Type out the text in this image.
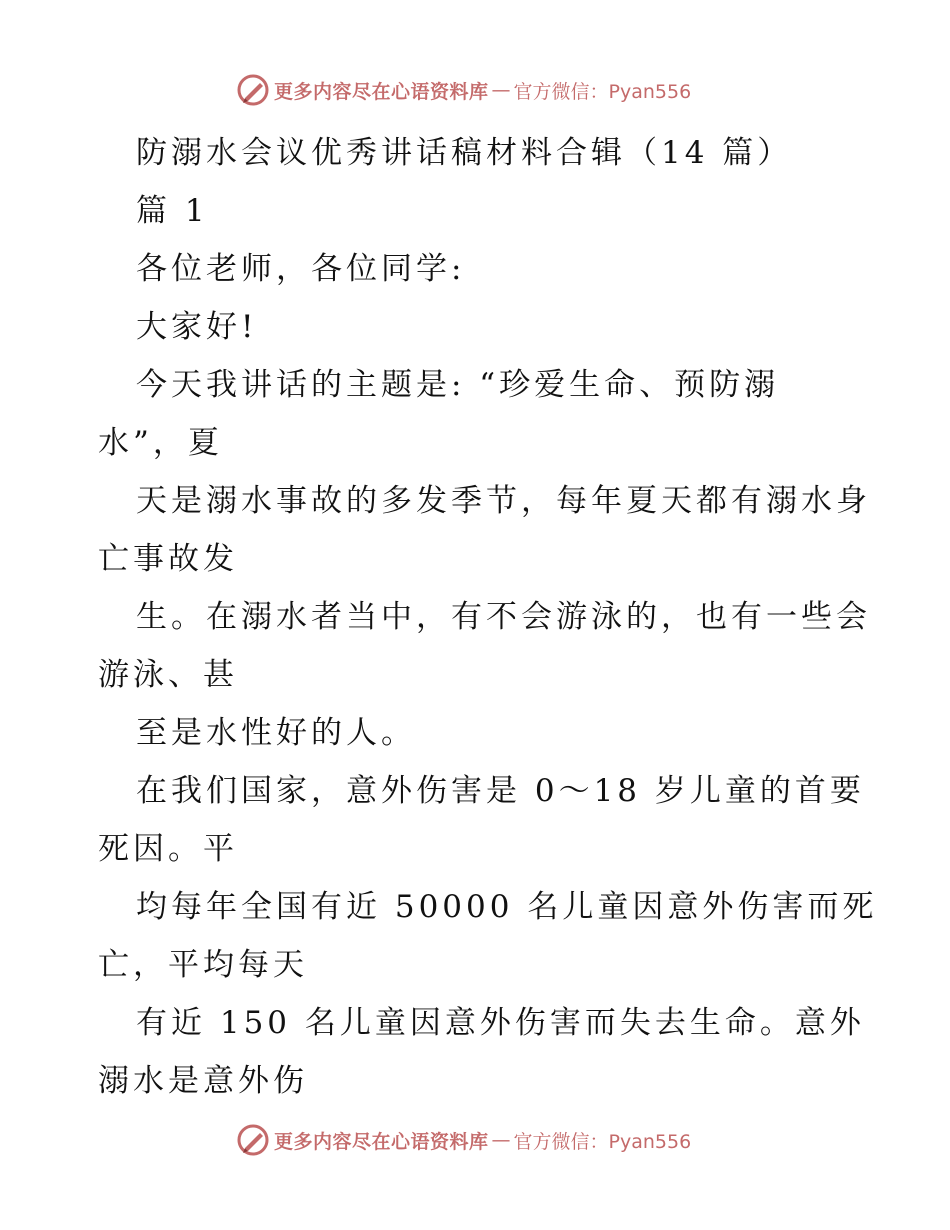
更多内容尽在心语资料库 — 官方微信：Pyan556
防溺水会议优秀讲话稿材料合辑（14 篇）
篇 1
各位老师，各位同学:
大家好!
今天我讲话的主题是: “珍爱生命、预防溺
水”，夏
天是溺水事故的多发季节，每年夏天都有溺水身
亡事故发
生。在溺水者当中，有不会游泳的，也有一些会
游泳、甚
至是水性好的人。
在我们国家，意外伤害是 0～18 岁儿童的首要
死因。平
均每年全国有近 50000 名儿童因意外伤害而死
亡，平均每天
有近 150 名儿童因意外伤害而失去生命。意外
溺水是意外伤
更多内容尽在心语资料库 — 官方微信：Pyan556
